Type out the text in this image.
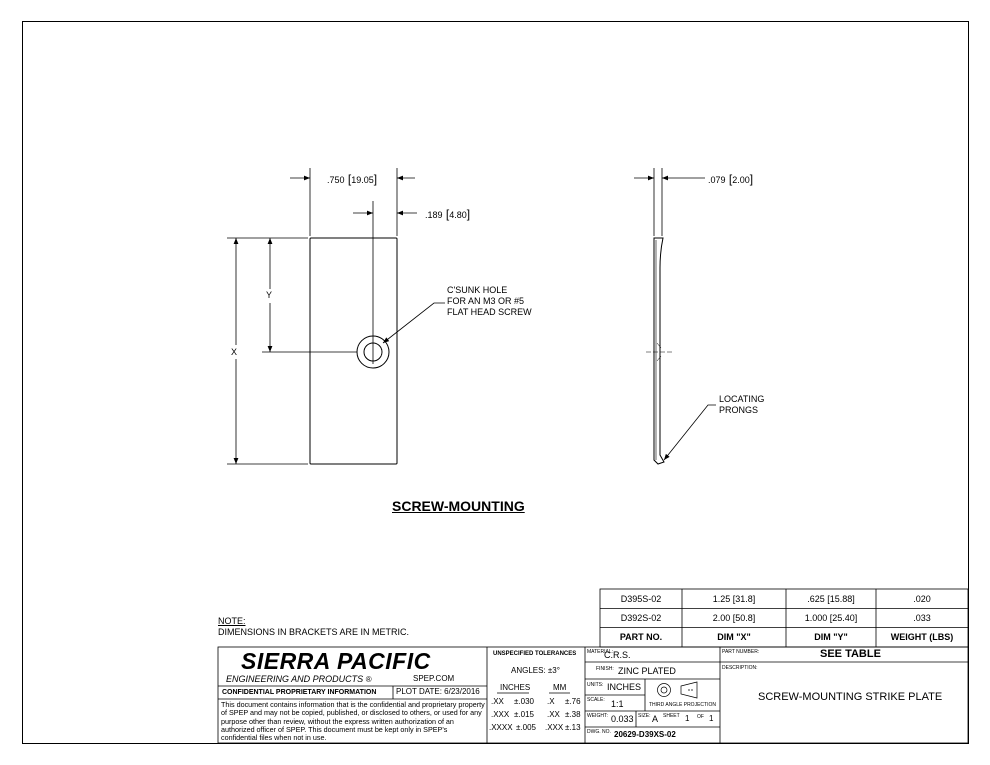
.750 [19.05]
.189 [4.80]
.079 [2.00]
X
Y	C'SUNK HOLE
FOR AN M3 OR #5
FLAT HEAD SCREW
LOCATING
PRONGS
SCREW-MOUNTING
NOTE:
DIMENSIONS IN BRACKETS ARE IN METRIC.
D395S-02	1.25 [31.8]	.625 [15.88]	.020
D392S-02	2.00 [50.8]	1.000 [25.40]	.033
PART NO.	DIM "X"	DIM "Y"	WEIGHT (LBS)
SIERRA PACIFIC
ENGINEERING AND PRODUCTS ®	SPEP.COM
CONFIDENTIAL PROPRIETARY INFORMATION PLOT DATE: 6/23/2016
This document contains information that is the confidential and proprietary property of SPEP and may not be copied, published, or disclosed to others, or used for any purpose other than review, without the express written authorization of an authorized officer of SPEP. This document must be kept only in SPEP's confidential files when not in use.
UNSPECIFIED TOLERANCES
ANGLES: ±3°
INCHES	MM
.XX ±.030
.XXX ±.015
.XXXX ±.005
.X ±.76
.XX ±.38
.XXX ±.13
MATERIAL:
C.R.S.
FINISH: ZINC PLATED
UNITS: INCHES
SCALE: 1:1	THIRD ANGLE PROJECTION
WEIGHT: 0.033 SIZE: A SHEET 1 OF 1
DWG. NO. 20629-D39XS-02
PART NUMBER:	SEE TABLE
DESCRIPTION:
SCREW-MOUNTING STRIKE PLATE
